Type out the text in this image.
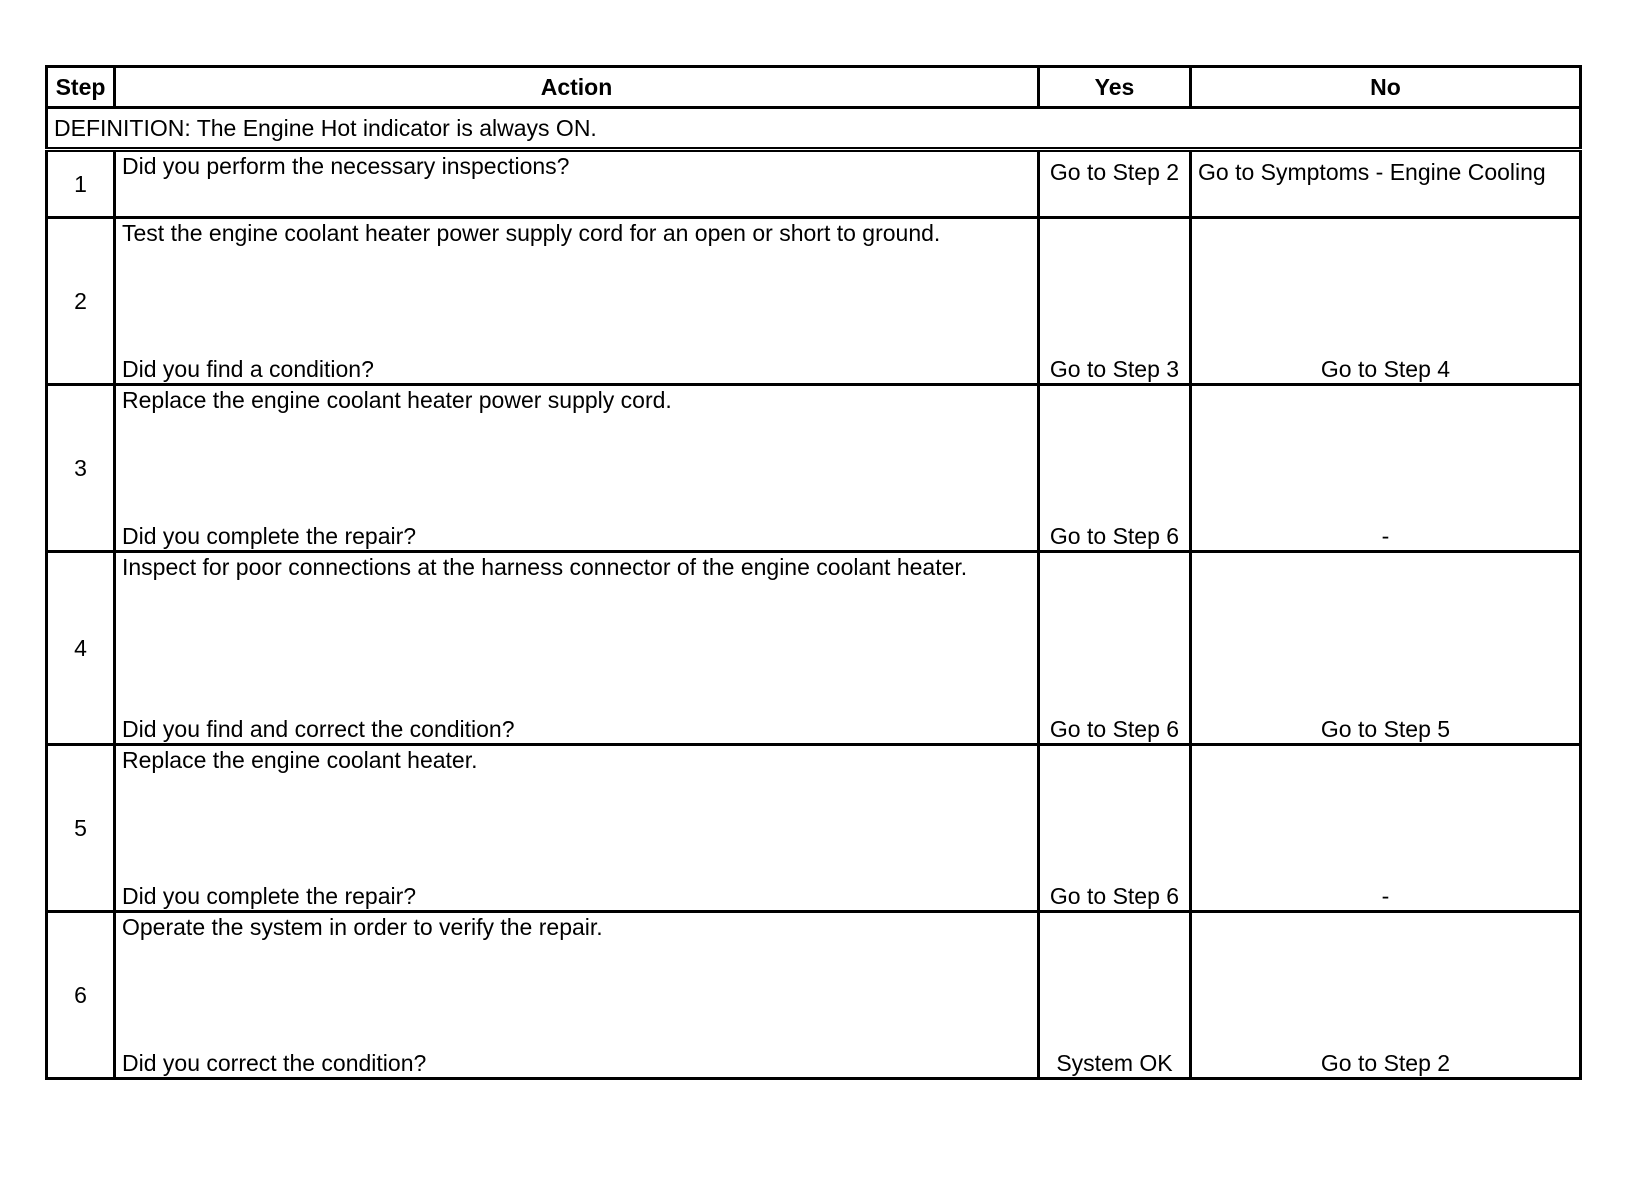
Step	Action	Yes	No
DEFINITION: The Engine Hot indicator is always ON.			
1	Did you perform the necessary inspections?	Go to Step 2	Go to Symptoms - Engine Cooling
2	Test the engine coolant heater power supply cord for an open or short to ground.
Did you find a condition?	Go to Step 3	Go to Step 4
3	Replace the engine coolant heater power supply cord.
Did you complete the repair?	Go to Step 6	-
4	Inspect for poor connections at the harness connector of the engine coolant heater.
Did you find and correct the condition?	Go to Step 6	Go to Step 5
5	Replace the engine coolant heater.
Did you complete the repair?	Go to Step 6	-
6	Operate the system in order to verify the repair.
Did you correct the condition?	System OK	Go to Step 2
